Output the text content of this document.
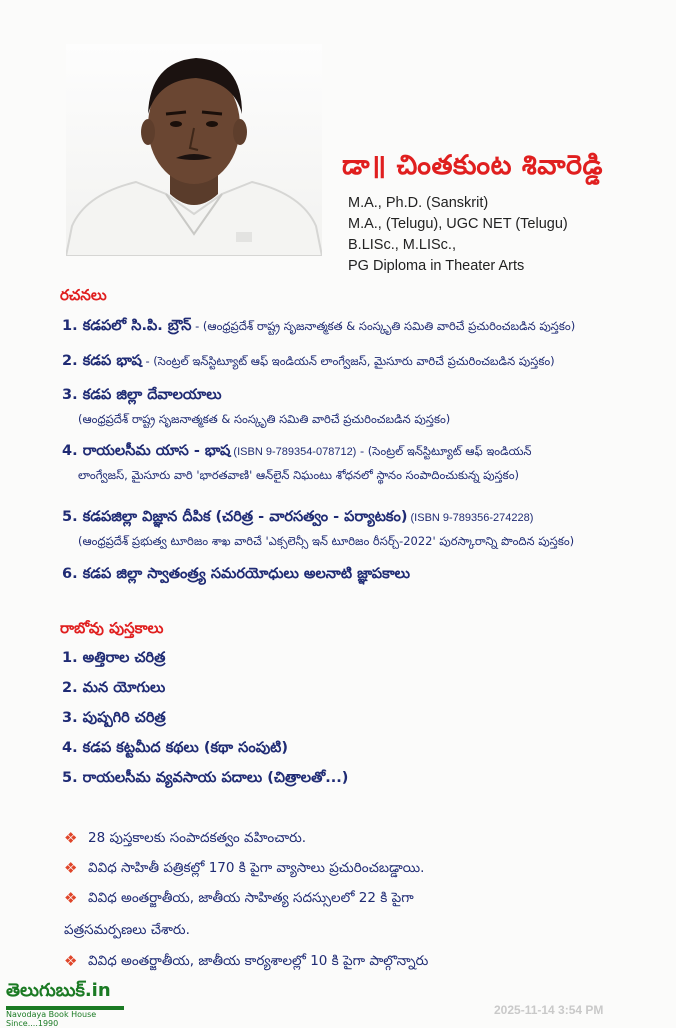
డా॥ చింతకుంట శివారెడ్డి
M.A., Ph.D. (Sanskrit)
M.A., (Telugu), UGC NET (Telugu)
B.LISc., M.LISc.,
PG Diploma in Theater Arts
రచనలు
1. కడపలో సి.పి. బ్రౌన్ - (ఆంధ్రప్రదేశ్ రాష్ట్ర సృజనాత్మకత & సంస్కృతి సమితి వారిచే ప్రచురించబడిన పుస్తకం)
2. కడప భాష - (సెంట్రల్ ఇన్‌స్టిట్యూట్ ఆఫ్ ఇండియన్ లాంగ్వేజస్, మైసూరు వారిచే ప్రచురించబడిన పుస్తకం)
3. కడప జిల్లా దేవాలయాలు
(ఆంధ్రప్రదేశ్ రాష్ట్ర సృజనాత్మకత & సంస్కృతి సమితి వారిచే ప్రచురించబడిన పుస్తకం)
4. రాయలసీమ యాస - భాష (ISBN 9-789354-078712) - (సెంట్రల్ ఇన్‌స్టిట్యూట్ ఆఫ్ ఇండియన్
లాంగ్వేజస్, మైసూరు వారి 'భారతవాణి' ఆన్‌లైన్ నిఘంటు శోధనలో స్థానం సంపాదించుకున్న పుస్తకం)
5. కడపజిల్లా విజ్ఞాన దీపిక (చరిత్ర - వారసత్వం - పర్యాటకం) (ISBN 9-789356-274228)
(ఆంధ్రప్రదేశ్ ప్రభుత్వ టూరిజం శాఖ వారిచే 'ఎక్సలెన్సీ ఇన్ టూరిజం రీసర్చ్-2022' పురస్కారాన్ని పొందిన పుస్తకం)
6. కడప జిల్లా స్వాతంత్ర్య సమరయోధులు అలనాటి జ్ఞాపకాలు
రాబోవు పుస్తకాలు
1. అత్తిరాల చరిత్ర
2. మన యోగులు
3. పుష్పగిరి చరిత్ర
4. కడప కట్టమీద కథలు (కథా సంపుటి)
5. రాయలసీమ వ్యవసాయ పదాలు (చిత్రాలతో...)
❖ 28 పుస్తకాలకు సంపాదకత్వం వహించారు.
❖ వివిధ సాహితీ పత్రికల్లో 170 కి పైగా వ్యాసాలు ప్రచురించబడ్డాయి.
❖ వివిధ అంతర్జాతీయ, జాతీయ సాహిత్య సదస్సులలో 22 కి పైగా
పత్రసమర్పణలు చేశారు.
❖ వివిధ అంతర్జాతీయ, జాతీయ కార్యశాలల్లో 10 కి పైగా పాల్గొన్నారు
తెలుగుబుక్.in
Navodaya Book House
Since....1990
2025-11-14 3:54 PM
